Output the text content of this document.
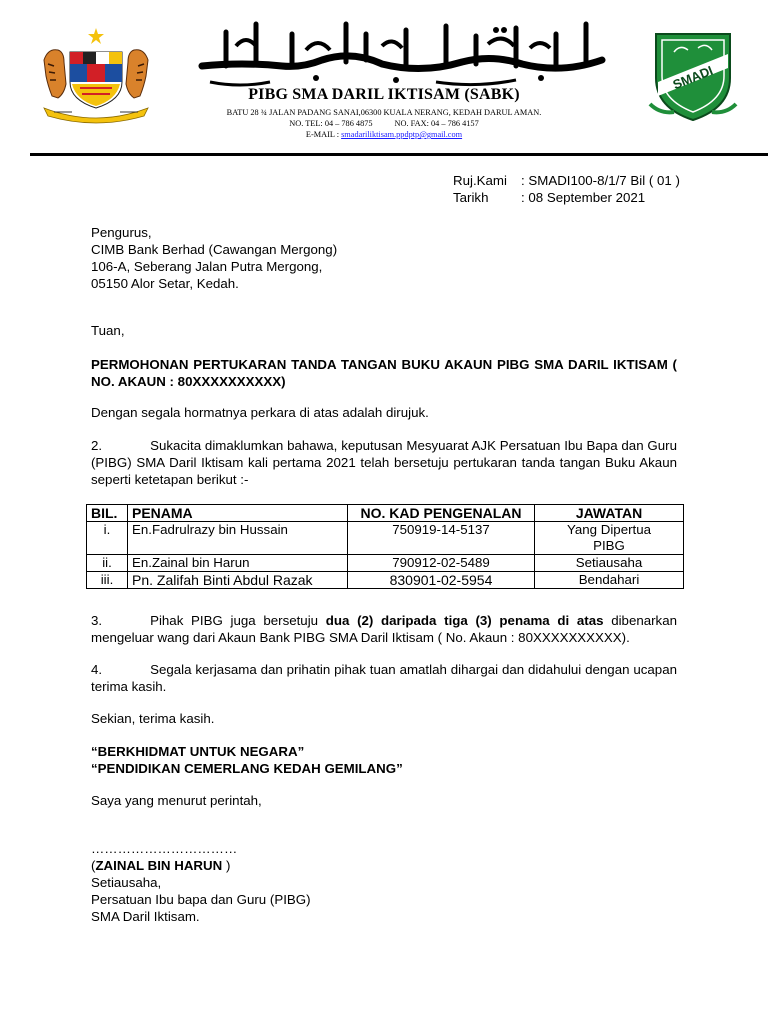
مدرسة دار الاعتصام
SMADI
PIBG SMA DARIL IKTISAM (SABK)
BATU 28 ¾ JALAN PADANG SANAI,06300 KUALA NERANG, KEDAH DARUL AMAN.
NO. TEL: 04 – 786 4875	NO. FAX: 04 – 786 4157
E-MAIL : smadariliktisam.ppdptp@gmail.com
Ruj.Kami	: SMADI100-8/1/7 Bil ( 01 )
Tarikh	: 08 September 2021
Pengurus,
CIMB Bank Berhad (Cawangan Mergong)
106-A, Seberang Jalan Putra Mergong,
05150 Alor Setar, Kedah.
Tuan,
PERMOHONAN PERTUKARAN TANDA TANGAN BUKU AKAUN PIBG SMA DARIL IKTISAM ( NO. AKAUN : 80XXXXXXXXXX)
Dengan segala hormatnya perkara di atas adalah dirujuk.
2.	Sukacita dimaklumkan bahawa, keputusan Mesyuarat AJK Persatuan Ibu Bapa dan Guru (PIBG) SMA Daril Iktisam kali pertama 2021 telah bersetuju pertukaran tanda tangan Buku Akaun seperti ketetapan berikut :-
BIL.	PENAMA	NO. KAD PENGENALAN	JAWATAN
i.	En.Fadrulrazy bin Hussain	750919-14-5137	Yang Dipertua PIBG
ii.	En.Zainal bin Harun	790912-02-5489	Setiausaha
iii.	Pn. Zalifah Binti Abdul Razak	830901-02-5954	Bendahari
3.	Pihak PIBG juga bersetuju dua (2) daripada tiga (3) penama di atas dibenarkan mengeluar wang dari Akaun Bank PIBG SMA Daril Iktisam ( No. Akaun : 80XXXXXXXXXX).
4.	Segala kerjasama dan prihatin pihak tuan amatlah dihargai dan didahului dengan ucapan terima kasih.
Sekian, terima kasih.
“BERKHIDMAT UNTUK NEGARA”
“PENDIDIKAN CEMERLANG KEDAH GEMILANG”
Saya yang menurut perintah,
……………………………
(ZAINAL BIN HARUN )
Setiausaha,
Persatuan Ibu bapa dan Guru (PIBG)
SMA Daril Iktisam.
